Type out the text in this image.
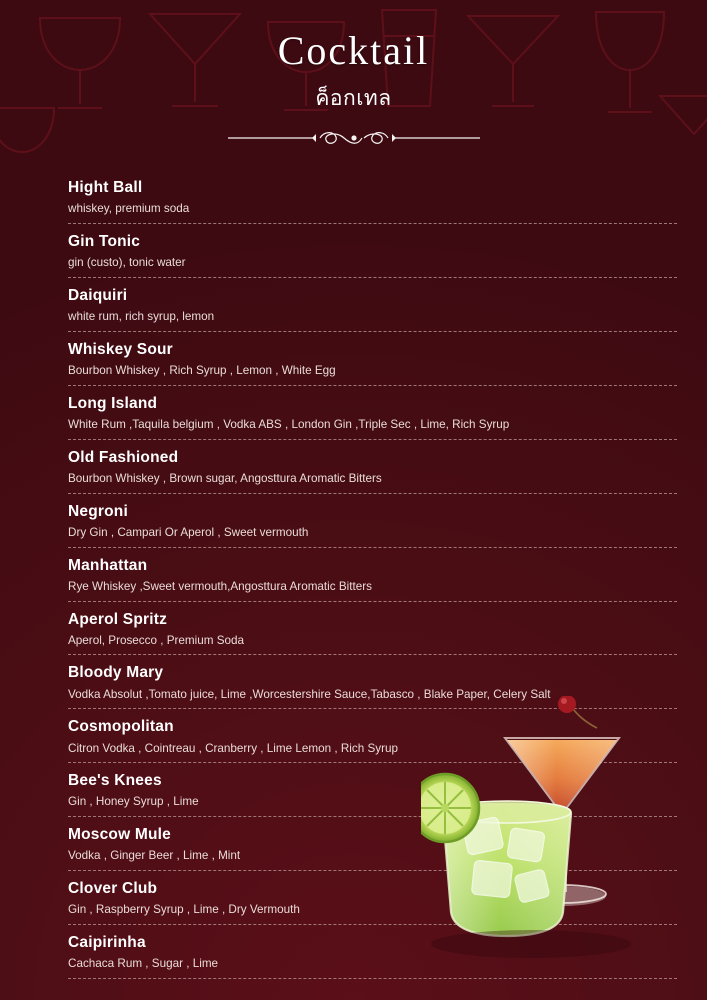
Cocktail
ค็อกเทล
Hight Ball
whiskey, premium soda
Gin Tonic
gin (custo), tonic water
Daiquiri
white rum, rich syrup, lemon
Whiskey Sour
Bourbon Whiskey , Rich Syrup , Lemon , White Egg
Long Island
White Rum ,Taquila belgium , Vodka ABS , London Gin ,Triple Sec , Lime, Rich Syrup
Old Fashioned
Bourbon Whiskey , Brown sugar, Angosttura Aromatic Bitters
Negroni
Dry Gin , Campari Or Aperol , Sweet vermouth
Manhattan
Rye Whiskey ,Sweet vermouth,Angosttura Aromatic Bitters
Aperol Spritz
Aperol, Prosecco , Premium Soda
Bloody Mary
Vodka Absolut ,Tomato juice, Lime ,Worcestershire Sauce,Tabasco , Blake Paper, Celery Salt
Cosmopolitan
Citron Vodka , Cointreau , Cranberry , Lime Lemon , Rich Syrup
Bee's Knees
Gin , Honey Syrup , Lime
Moscow Mule
Vodka , Ginger Beer , Lime , Mint
Clover Club
Gin , Raspberry Syrup , Lime , Dry Vermouth
Caipirinha
Cachaca Rum , Sugar , Lime
